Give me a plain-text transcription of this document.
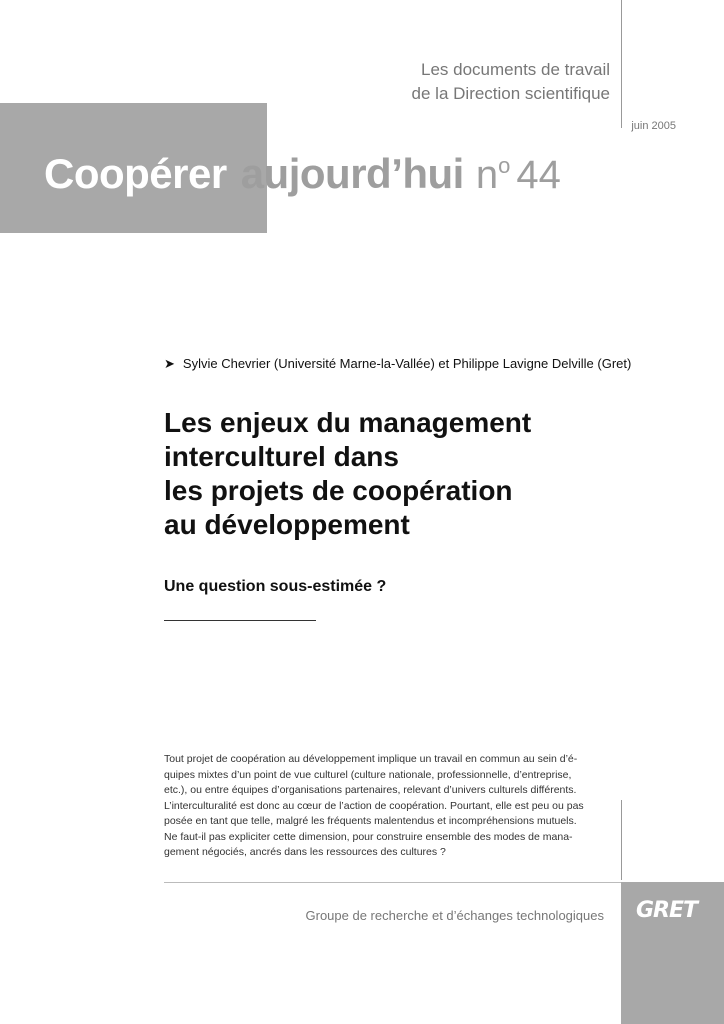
Les documents de travail
de la Direction scientifique
juin 2005
Coopérer aujourd’hui $n^o$ 44
➤ Sylvie Chevrier (Université Marne-la-Vallée) et Philippe Lavigne Delville (Gret)
Les enjeux du management
interculturel dans
les projets de coopération
au développement
Une question sous-estimée ?
Tout projet de coopération au développement implique un travail en commun au sein d’é-
quipes mixtes d’un point de vue culturel (culture nationale, professionnelle, d’entreprise,
etc.), ou entre équipes d’organisations partenaires, relevant d’univers culturels différents.
L’interculturalité est donc au cœur de l’action de coopération. Pourtant, elle est peu ou pas
posée en tant que telle, malgré les fréquents malentendus et incompréhensions mutuels.
Ne faut-il pas expliciter cette dimension, pour construire ensemble des modes de mana-
gement négociés, ancrés dans les ressources des cultures ?
Groupe de recherche et d’échanges technologiques GRET
